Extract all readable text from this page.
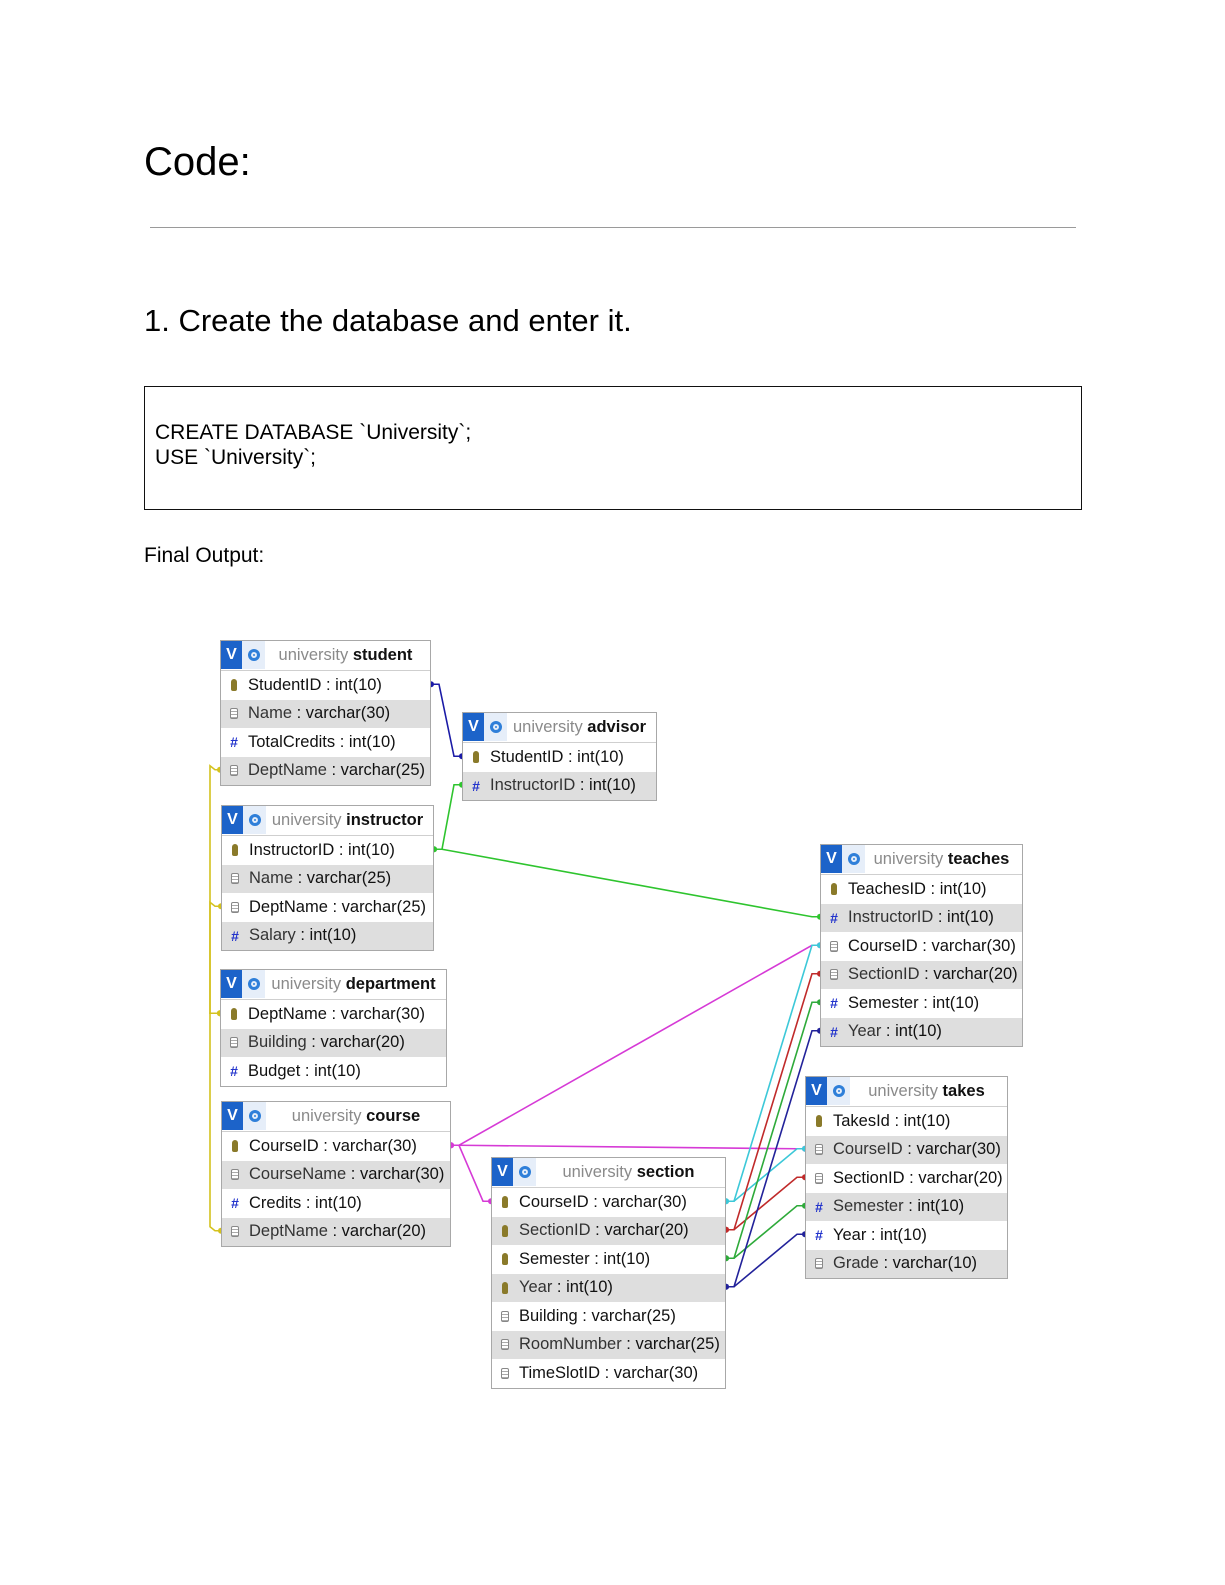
Code:
1. Create the database and enter it.
CREATE DATABASE `University`;
USE `University`;
Final Output:
V	university student
StudentID : int(10)
Name : varchar(30)
# TotalCredits : int(10)
DeptName : varchar(25)
V	university advisor
StudentID : int(10)
# InstructorID : int(10)
V	university instructor
InstructorID : int(10)
Name : varchar(25)
DeptName : varchar(25)
# Salary : int(10)
V	university department
DeptName : varchar(30)
Building : varchar(20)
# Budget : int(10)
V	university course
CourseID : varchar(30)
CourseName : varchar(30)
# Credits : int(10)
DeptName : varchar(20)
V	university section
CourseID : varchar(30)
SectionID : varchar(20)
Semester : int(10)
Year : int(10)
Building : varchar(25)
RoomNumber : varchar(25)
TimeSlotID : varchar(30)
V	university teaches
TeachesID : int(10)
# InstructorID : int(10)
CourseID : varchar(30)
SectionID : varchar(20)
# Semester : int(10)
# Year : int(10)
V	university takes
TakesId : int(10)
CourseID : varchar(30)
SectionID : varchar(20)
# Semester : int(10)
# Year : int(10)
Grade : varchar(10)
